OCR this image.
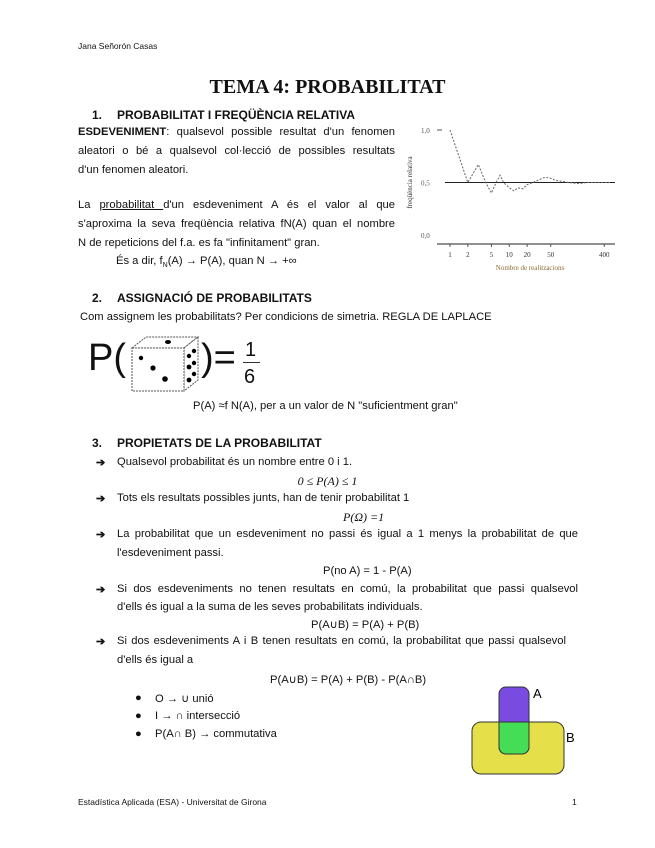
Jana Señorón Casas
TEMA 4: PROBABILITAT
1. PROBABILITAT I FREQÜÈNCIA RELATIVA
ESDEVENIMENT: qualsevol possible resultat d'un fenomen
aleatori o bé a qualsevol col·lecció de possibles resultats
d'un fenomen aleatori.
La probabilitat d'un esdeveniment A és el valor al que
s'aproxima la seva freqüència relativa fN(A) quan el nombre
N de repeticions del f.a. es fa "infinitament" gran.
És a dir, $f_N(A) \to P(A)$, quan N → +∞
0,0
0,5
1,0
1 2	5 10 20 50	400
Nombre de realitzacions
freqüència relativa
2. ASSIGNACIÓ DE PROBABILITATS
Com assignem les probabilitats? Per condicions de simetria. REGLA DE LAPLACE
P( )= 1
6
P(A) ≈f N(A), per a un valor de N "suficientment gran"
3. PROPIETATS DE LA PROBABILITAT
➔ Qualsevol probabilitat és un nombre entre 0 i 1.
0 ≤ P(A) ≤ 1
➔ Tots els resultats possibles junts, han de tenir probabilitat 1
P(Ω) =1
➔ La probabilitat que un esdeveniment no passi és igual a 1 menys la probabilitat de que
l'esdeveniment passi.
P(no A) = 1 - P(A)
➔ Si dos esdeveniments no tenen resultats en comú, la probabilitat que passi qualsevol
d'ells és igual a la suma de les seves probabilitats individuals.
P(A∪B) = P(A) + P(B)
➔ Si dos esdeveniments A i B tenen resultats en comú, la probabilitat que passi qualsevol
d'ells és igual a
P(A∪B) = P(A) + P(B) - P(A∩B)
● O → ∪ unió
● I → ∩ intersecció
● P(A∩ B) → commutativa
A
B
Estadística Aplicada (ESA) - Universitat de Girona	1
